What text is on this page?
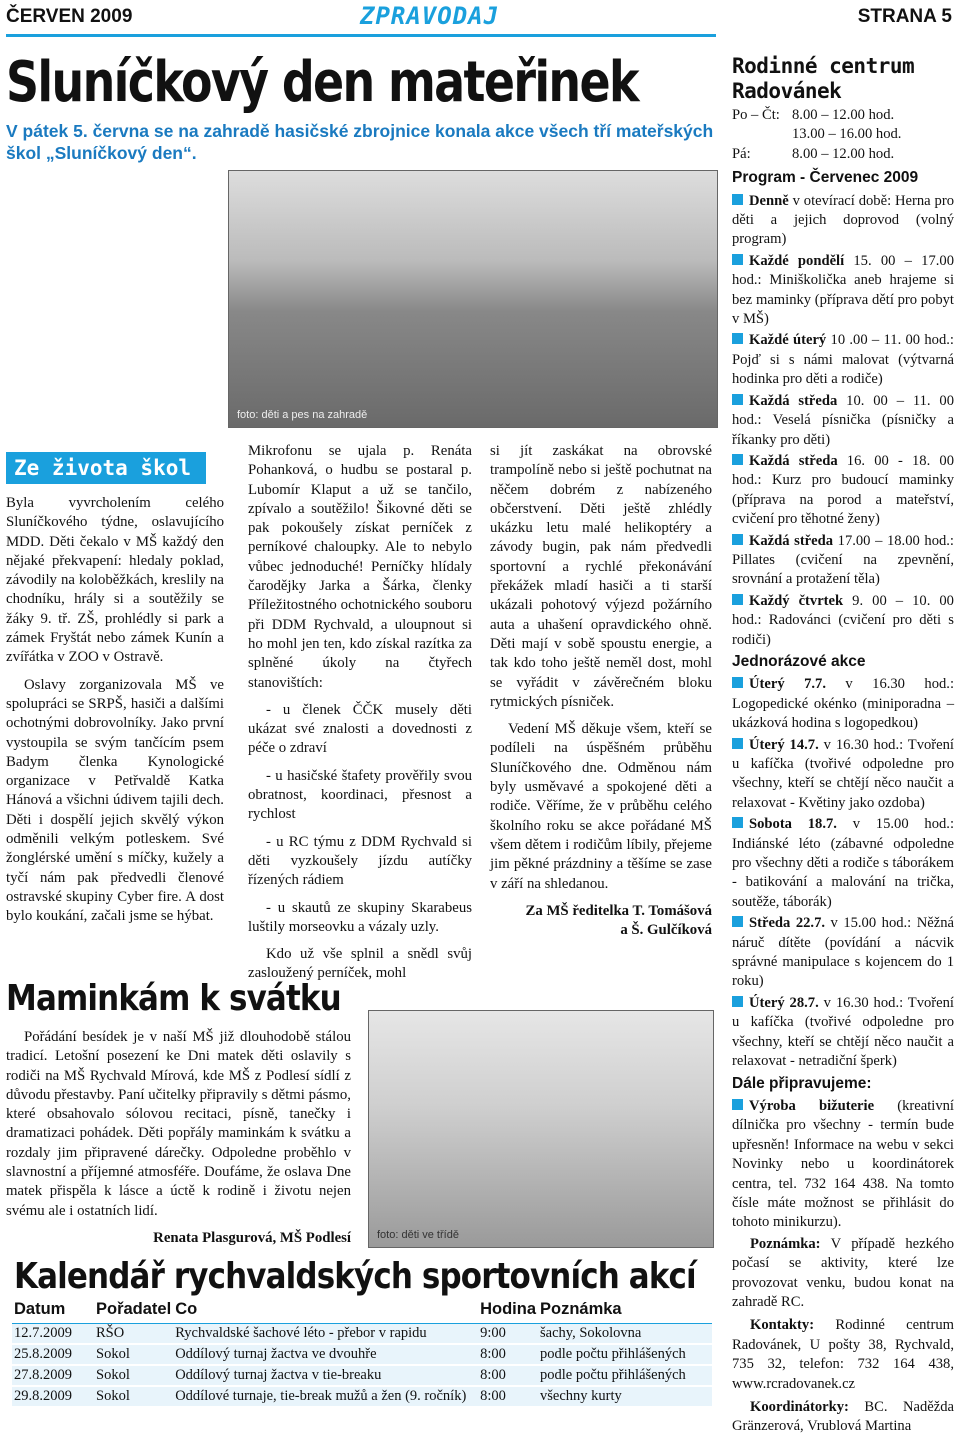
ČERVEN 2009	ZPRAVODAJ	STRANA 5
Sluníčkový den mateřinek
V pátek 5. června se na zahradě hasičské zbrojnice konala akce všech tří mateřských škol „Sluníčkový den“.
foto: děti a pes na zahradě
Ze života škol

Byla vyvrcholením celého Sluníčkového týdne, oslavujícího MDD. Děti čekalo v MŠ každý den nějaké překvapení: hledaly poklad, závodily na koloběžkách, kreslily na chodníku, hrály si a soutěžily se žáky 9. tř. ZŠ, prohlédly si park a zámek Fryštát nebo zámek Kunín a zvířátka v ZOO v Ostravě.

Oslavy zorganizovala MŠ ve spolupráci se SRPŠ, hasiči a dalšími ochotnými dobrovolníky. Jako první vystoupila se svým tančícím psem Badym členka Kynologické organizace v Petřvaldě Katka Hánová a všichni údivem tajili dech. Děti i dospělí jejich skvělý výkon odměnili velkým potleskem. Své žonglérské umění s míčky, kužely a tyčí nám pak předvedli členové ostravské skupiny Cyber fire. A dost bylo koukání, začali jsme se hýbat.

Mikrofonu se ujala p. Renáta Pohanková, o hudbu se postaral p. Lubomír Klaput a už se tančilo, zpívalo a soutěžilo! Šikovné děti se pak pokoušely získat perníček z perníkové chaloupky. Ale to nebylo vůbec jednoduché! Perníčky hlídaly čarodějky Jarka a Šárka, členky Příležitostného ochotnického souboru při DDM Rychvald, a uloupnout si ho mohl jen ten, kdo získal razítka za splněné úkoly na čtyřech stanovištích:

- u členek ČČK musely děti ukázat své znalosti a dovednosti z péče o zdraví

- u hasičské štafety prověřily svou obratnost, koordinaci, přesnost a rychlost

- u RC týmu z DDM Rychvald si děti vyzkoušely jízdu autíčky řízených rádiem

- u skautů ze skupiny Skarabeus luštily morseovku a vázaly uzly.

Kdo už vše splnil a snědl svůj zasloužený perníček, mohl

si jít zaskákat na obrovské trampolíně nebo si ještě pochutnat na něčem dobrém z nabízeného občerstvení. Děti ještě zhlédly ukázku letu malé helikoptéry a závody bugin, pak nám předvedli sportovní a rychlé překonávání překážek mladí hasiči a ti starší ukázali pohotový výjezd požárního auta a uhašení opravdického ohně. Děti mají v sobě spoustu energie, a tak kdo toho ještě neměl dost, mohl se vyřádit v závěrečném bloku rytmických písniček.

Vedení MŠ děkuje všem, kteří se podíleli na úspěšném průběhu Sluníčkového dne. Odměnou nám byly usměvavé a spokojené děti a rodiče. Věříme, že v průběhu celého školního roku se akce pořádané MŠ všem dětem i rodičům líbily, přejeme jim pěkné prázdniny a těšíme se zase v září na shledanou.

Za MŠ ředitelka T. Tomášová
a Š. Gulčíková
Maminkám k svátku

Pořádání besídek je v naší MŠ již dlouhodobě stálou tradicí. Letošní posezení ke Dni matek děti oslavily s rodiči na MŠ Rychvald Mírová, kde MŠ z Podlesí sídlí z důvodu přestavby. Paní učitelky připravily s dětmi pásmo, které obsahovalo sólovou recitaci, písně, tanečky i dramatizaci pohádek. Děti popřály maminkám k svátku a rozdaly jim připravené dárečky. Odpoledne proběhlo v slavnostní a příjemné atmosféře. Doufáme, že oslava Dne matek přispěla k lásce a úctě k rodině i životu nejen svému ale i ostatních lidí.

Renata Plasgurová, MŠ Podlesí foto: děti ve třídě
Kalendář rychvaldských sportovních akcí
Datum	Pořadatel	Co	Hodina	Poznámka
12.7.2009	RŠO	Rychvaldské šachové léto - přebor v rapidu	9:00	šachy, Sokolovna
25.8.2009	Sokol	Oddílový turnaj žactva ve dvouhře	8:00	podle počtu přihlášených
27.8.2009	Sokol	Oddílový turnaj žactva v tie-breaku	8:00	podle počtu přihlášených
29.8.2009	Sokol	Oddílové turnaje, tie-break mužů a žen (9. ročník)	8:00	všechny kurty
Rodinné centrum Radovánek
Po – Čt: 8.00 – 12.00 hod.
13.00 – 16.00 hod.
Pá:	8.00 – 12.00 hod.
Program - Červenec 2009
Denně v otevírací době: Herna pro děti a jejich doprovod (volný program)
Každé pondělí 15. 00 – 17.00 hod.: Miniškolička aneb hrajeme si bez maminky (příprava dětí pro pobyt v MŠ)
Každé úterý 10 .00 – 11. 00 hod.: Pojď si s námi malovat (výtvarná hodinka pro děti a rodiče)
Každá středa 10. 00 – 11. 00 hod.: Veselá písnička (písničky a říkanky pro děti)
Každá středa 16. 00 - 18. 00 hod.: Kurz pro budoucí maminky (příprava na porod a mateřství, cvičení pro těhotné ženy)
Každá středa 17.00 – 18.00 hod.: Pillates (cvičení na zpevnění, srovnání a protažení těla)
Každý čtvrtek 9. 00 – 10. 00 hod.: Radovánci (cvičení pro děti s rodiči)
Jednorázové akce
Úterý 7.7. v 16.30 hod.: Logopedické okénko (miniporadna – ukázková hodina s logopedkou)
Úterý 14.7. v 16.30 hod.: Tvoření u kafíčka (tvořivé odpoledne pro všechny, kteří se chtějí něco naučit a relaxovat - Květiny jako ozdoba)
Sobota 18.7. v 15.00 hod.: Indiánské léto (zábavné odpoledne pro všechny děti a rodiče s táborákem - batikování a malování na trička, soutěže, táborák)
Středa 22.7. v 15.00 hod.: Něžná náruč dítěte (povídání a nácvik správné manipulace s kojencem do 1 roku)
Úterý 28.7. v 16.30 hod.: Tvoření u kafíčka (tvořivé odpoledne pro všechny, kteří se chtějí něco naučit a relaxovat - netradiční šperk)
Dále připravujeme:
Výroba bižuterie (kreativní dílnička pro všechny - termín bude upřesněn! Informace na webu v sekci Novinky nebo u koordinátorek centra, tel. 732 164 438. Na tomto čísle máte možnost se přihlásit do tohoto minikurzu).

Poznámka: V případě hezkého počasí se aktivity, které lze provozovat venku, budou konat na zahradě RC.

Kontakty: Rodinné centrum Radovánek, U pošty 38, Rychvald, 735 32, telefon: 732 164 438, www.rcradovanek.cz

Koordinátorky: BC. Naděžda Gränzerová, Vrublová Martina
